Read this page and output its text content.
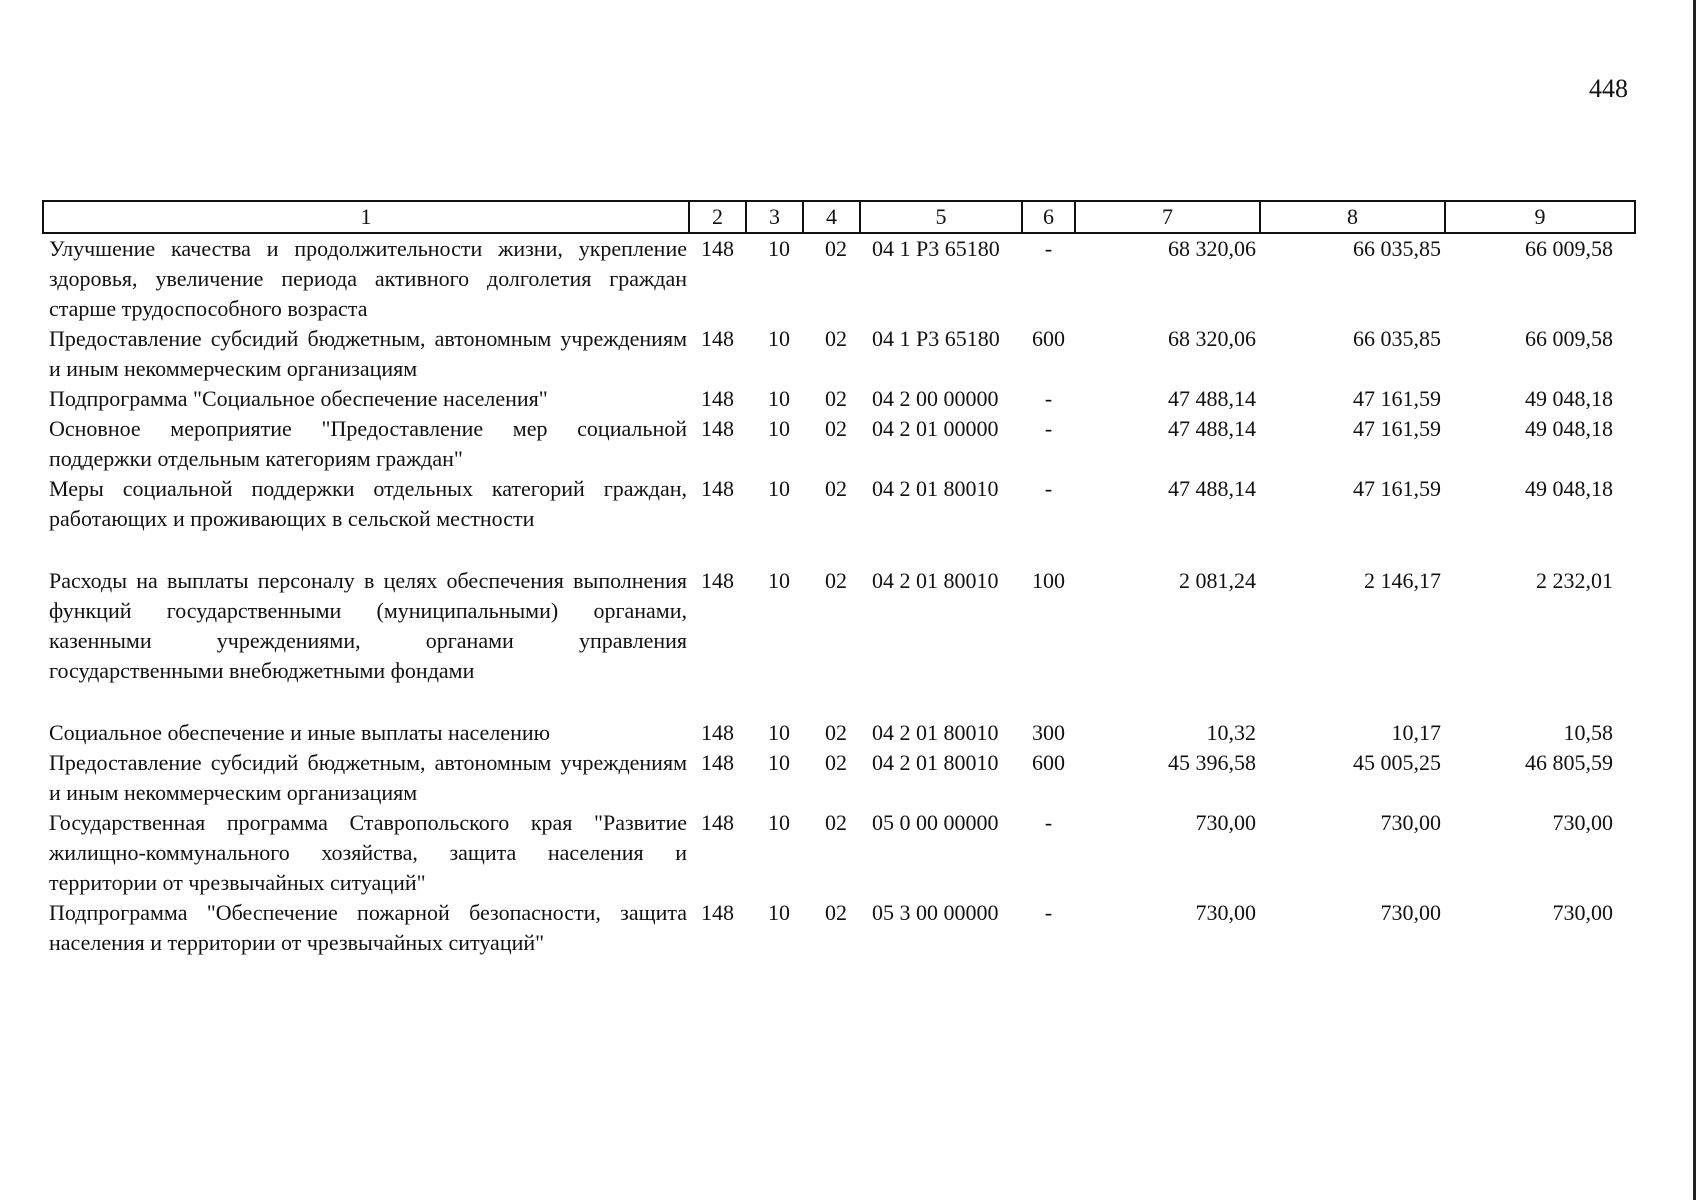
448
1	2	3	4	5	6	7	8	9
Улучшение качества и продолжительности жизни, укрепление здоровья, увеличение периода активного долголетия граждан старше трудоспособного возраста	148	10	02	04 1 Р3 65180	-	68 320,06	66 035,85	66 009,58
Предоставление субсидий бюджетным, автономным учреждениям и иным некоммерческим организациям	148	10	02	04 1 Р3 65180	600	68 320,06	66 035,85	66 009,58
Подпрограмма "Социальное обеспечение населения"	148	10	02	04 2 00 00000	-	47 488,14	47 161,59	49 048,18
Основное мероприятие "Предоставление мер социальной поддержки отдельным категориям граждан"	148	10	02	04 2 01 00000	-	47 488,14	47 161,59	49 048,18
Меры социальной поддержки отдельных категорий граждан, работающих и проживающих в сельской местности	148	10	02	04 2 01 80010	-	47 488,14	47 161,59	49 048,18
Расходы на выплаты персоналу в целях обеспечения выполнения функций государственными (муниципальными) органами, казенными учреждениями, органами управления государственными внебюджетными фондами	148	10	02	04 2 01 80010	100	2 081,24	2 146,17	2 232,01
Социальное обеспечение и иные выплаты населению	148	10	02	04 2 01 80010	300	10,32	10,17	10,58
Предоставление субсидий бюджетным, автономным учреждениям и иным некоммерческим организациям	148	10	02	04 2 01 80010	600	45 396,58	45 005,25	46 805,59
Государственная программа Ставропольского края "Развитие жилищно-коммунального хозяйства, защита населения и территории от чрезвычайных ситуаций"	148	10	02	05 0 00 00000	-	730,00	730,00	730,00
Подпрограмма "Обеспечение пожарной безопасности, защита населения и территории от чрезвычайных ситуаций"	148	10	02	05 3 00 00000	-	730,00	730,00	730,00
